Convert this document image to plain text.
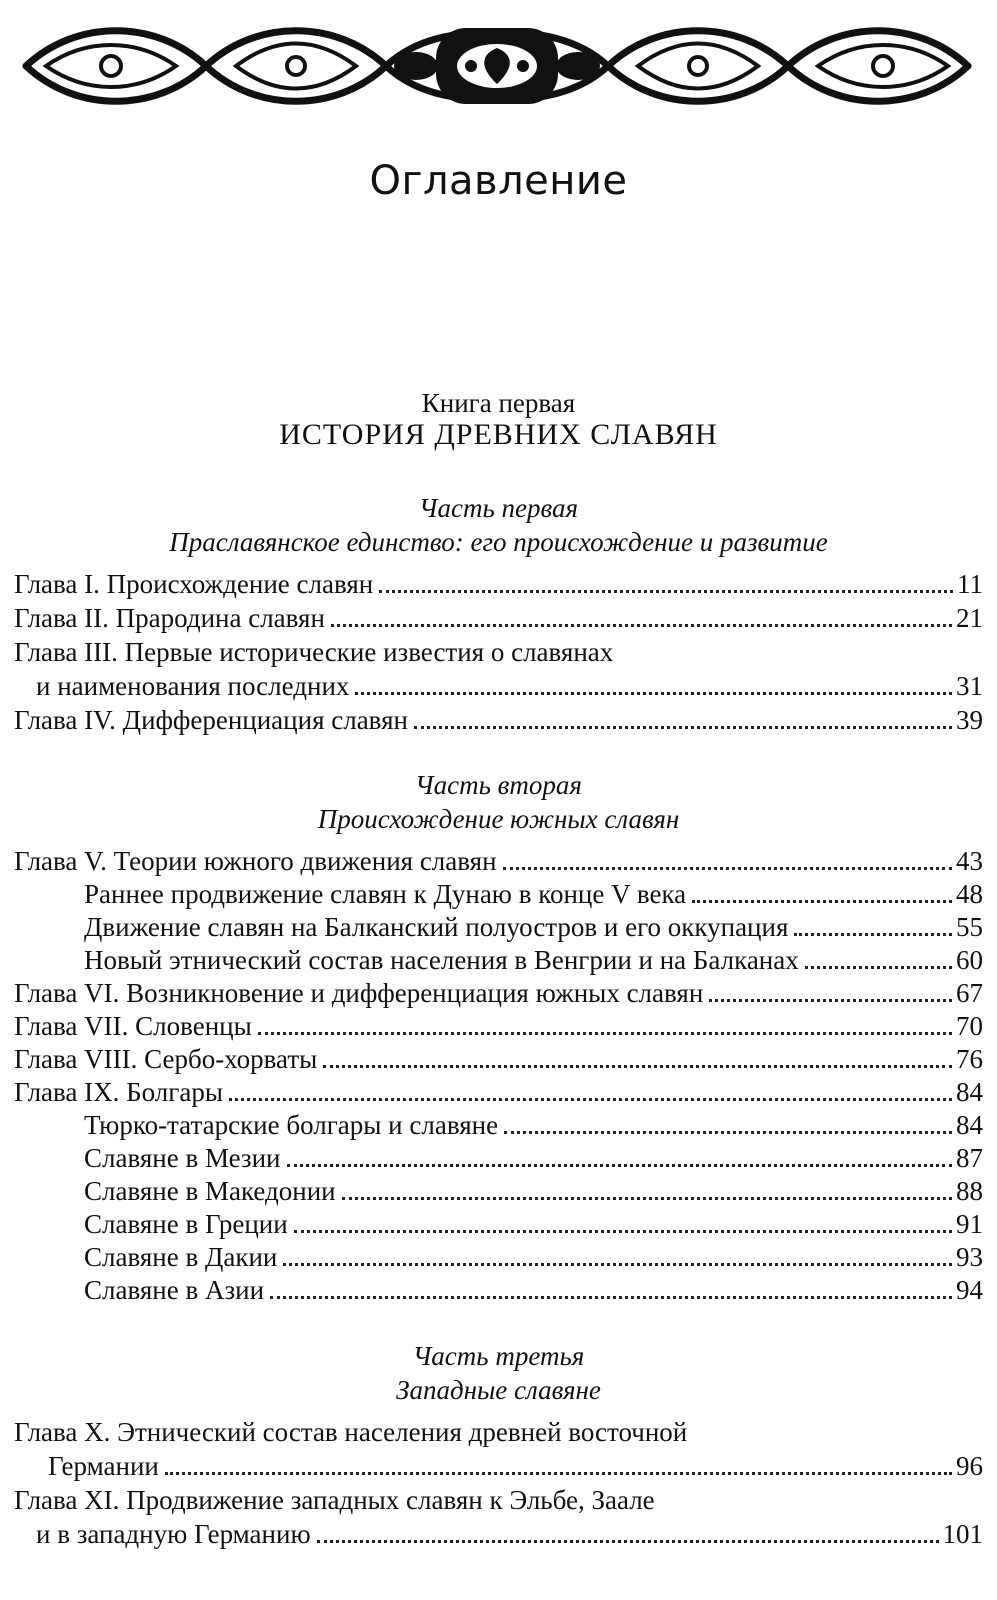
Оглавление
Книга первая
ИСТОРИЯ ДРЕВНИХ СЛАВЯН
Часть первая
Праславянское единство: его происхождение и развитие
Часть вторая
Происхождение южных славян
Часть третья
Западные славяне
Глава I. Происхождение славян	11
Глава II. Прародина славян	21
Глава III. Первые исторические известия о славянах
и наименования последних	31
Глава IV. Дифференциация славян	39
Глава V. Теории южного движения славян	43
Раннее продвижение славян к Дунаю в конце V века	48
Движение славян на Балканский полуостров и его оккупация	55
Новый этнический состав населения в Венгрии и на Балканах	60
Глава VI. Возникновение и дифференциация южных славян	67
Глава VII. Словенцы	70
Глава VIII. Сербо-хорваты	76
Глава IX. Болгары	84
Тюрко-татарские болгары и славяне	84
Славяне в Мезии	87
Славяне в Македонии	88
Славяне в Греции	91
Славяне в Дакии	93
Славяне в Азии	94
Глава X. Этнический состав населения древней восточной
Германии	96
Глава XI. Продвижение западных славян к Эльбе, Заале
и в западную Германию	101
